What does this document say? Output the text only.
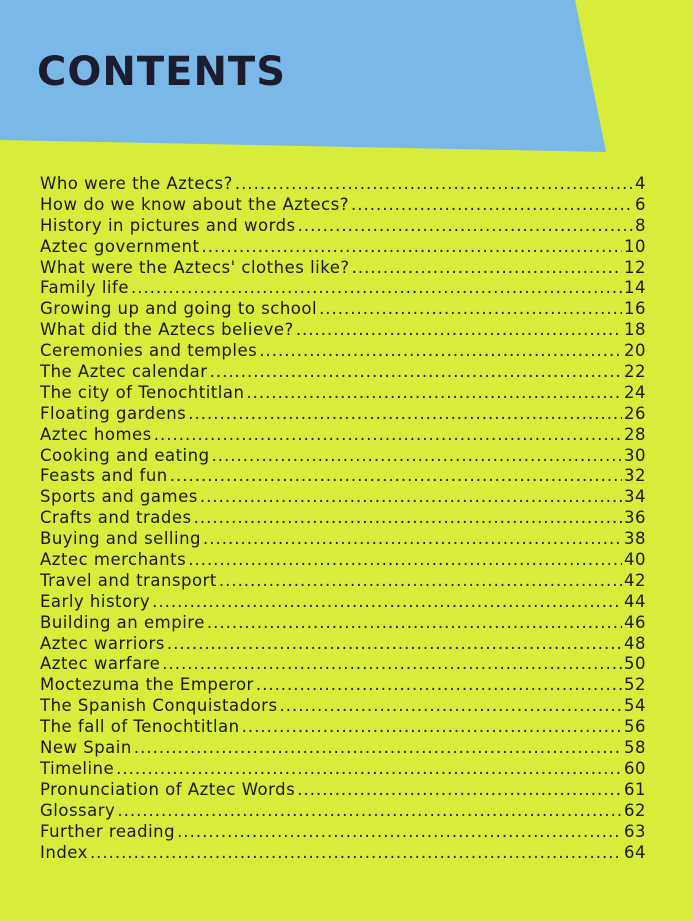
CONTENTS
Who were the Aztecs? .....	4
How do we know about the Aztecs? .....	6
History in pictures and words .....	8
Aztec government .....	10
What were the Aztecs' clothes like? .....	12
Family life .....	14
Growing up and going to school .....	16
What did the Aztecs believe? .....	18
Ceremonies and temples .....	20
The Aztec calendar .....	22
The city of Tenochtitlan .....	24
Floating gardens .....	26
Aztec homes .....	28
Cooking and eating .....	30
Feasts and fun .....	32
Sports and games .....	34
Crafts and trades .....	36
Buying and selling .....	38
Aztec merchants .....	40
Travel and transport .....	42
Early history .....	44
Building an empire .....	46
Aztec warriors .....	48
Aztec warfare .....	50
Moctezuma the Emperor .....	52
The Spanish Conquistadors .....	54
The fall of Tenochtitlan .....	56
New Spain .....	58
Timeline .....	60
Pronunciation of Aztec Words .....	61
Glossary .....	62
Further reading .....	63
Index .....	64
